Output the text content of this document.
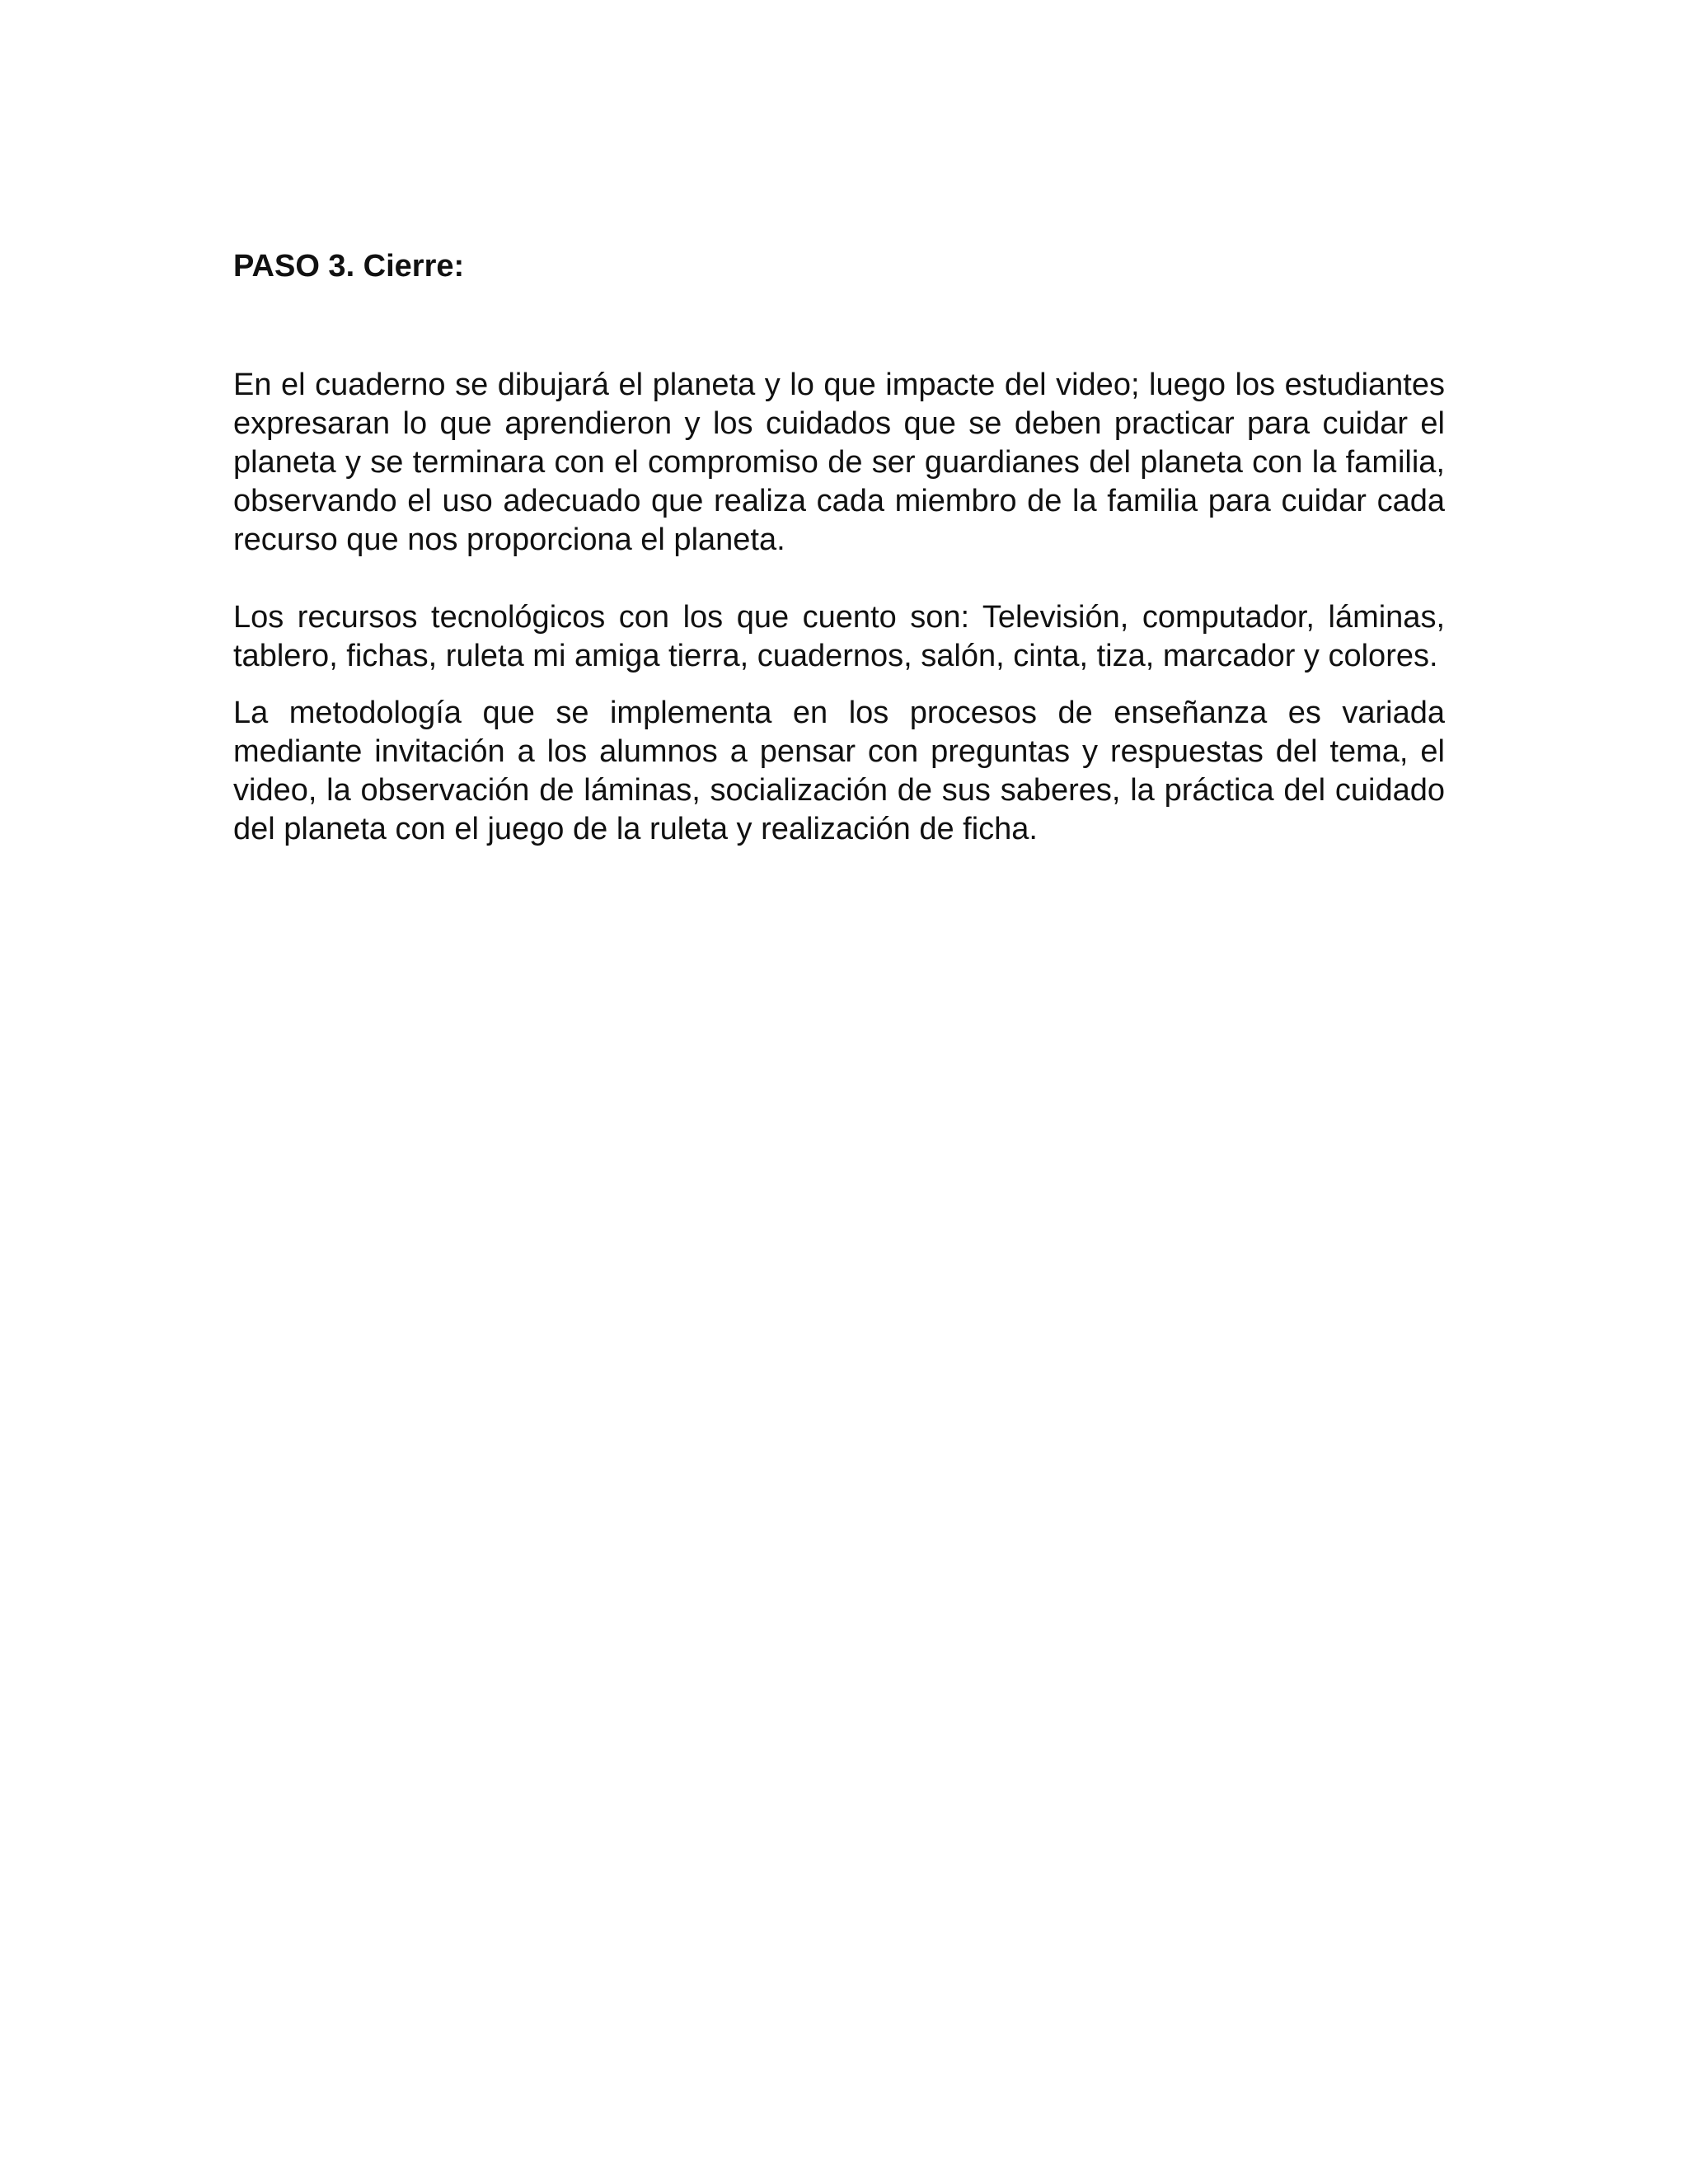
PASO 3. Cierre:

En el cuaderno se dibujará el planeta y lo que impacte del video; luego los estudiantes expresaran lo que aprendieron y los cuidados que se deben practicar para cuidar el planeta y se terminara con el compromiso de ser guardianes del planeta con la familia, observando el uso adecuado que realiza cada miembro de la familia para cuidar cada recurso que nos proporciona el planeta.

Los recursos tecnológicos con los que cuento son: Televisión, computador, láminas, tablero, fichas, ruleta mi amiga tierra, cuadernos, salón, cinta, tiza, marcador y colores.

La metodología que se implementa en los procesos de enseñanza es variada mediante invitación a los alumnos a pensar con preguntas y respuestas del tema, el video, la observación de láminas, socialización de sus saberes, la práctica del cuidado del planeta con el juego de la ruleta y realización de ficha.
